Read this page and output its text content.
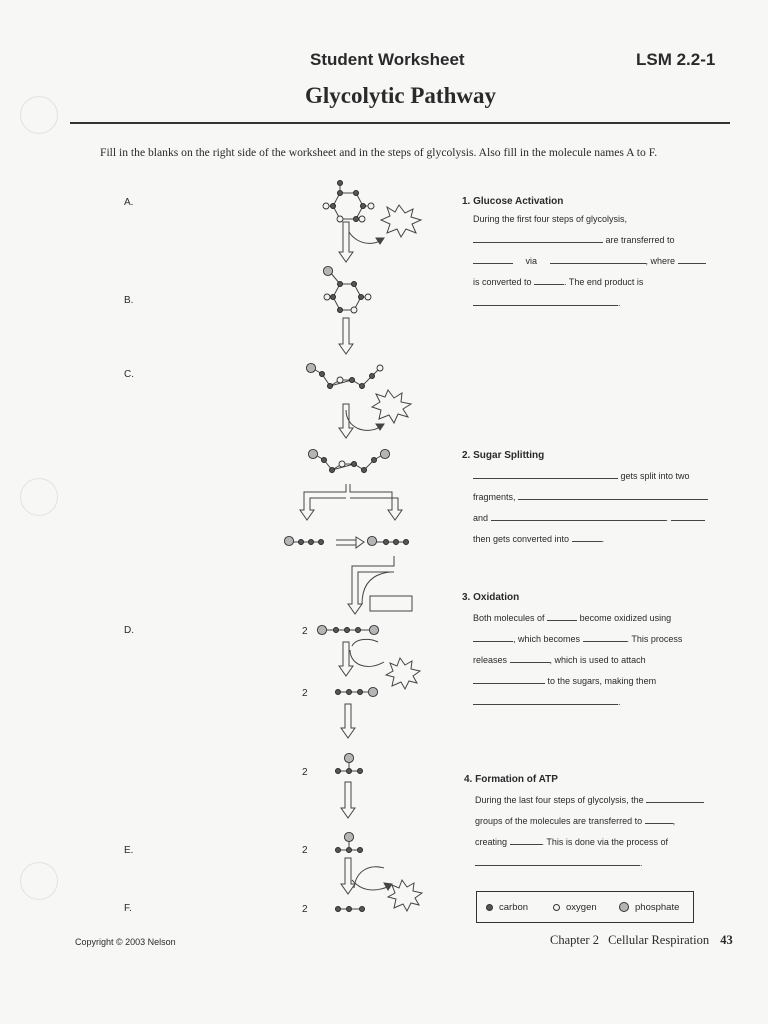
Student Worksheet	LSM 2.2-1
Glycolytic Pathway
Fill in the blanks on the right side of the worksheet and in the steps of glycolysis. Also fill in the molecule names A to F.
A.
B.
C.
D.
E.
F.
2
2
2
2
2
1. Glucose Activation
During the first four steps of glycolysis,
are transferred to
via	, where
is converted to	. The end product is
.
2. Sugar Splitting
gets split into two
fragments,
and	.
then gets converted into	.
3. Oxidation
Both molecules of	become oxidized using
, which becomes	. This process
releases	, which is used to attach
to the sugars, making them
.
4. Formation of ATP
During the last four steps of glycolysis, the
groups of the molecules are transferred to	,
creating	. This is done via the process of
.
carbon	oxygen	phosphate
Copyright © 2003 Nelson	Chapter 2 Cellular Respiration 43
